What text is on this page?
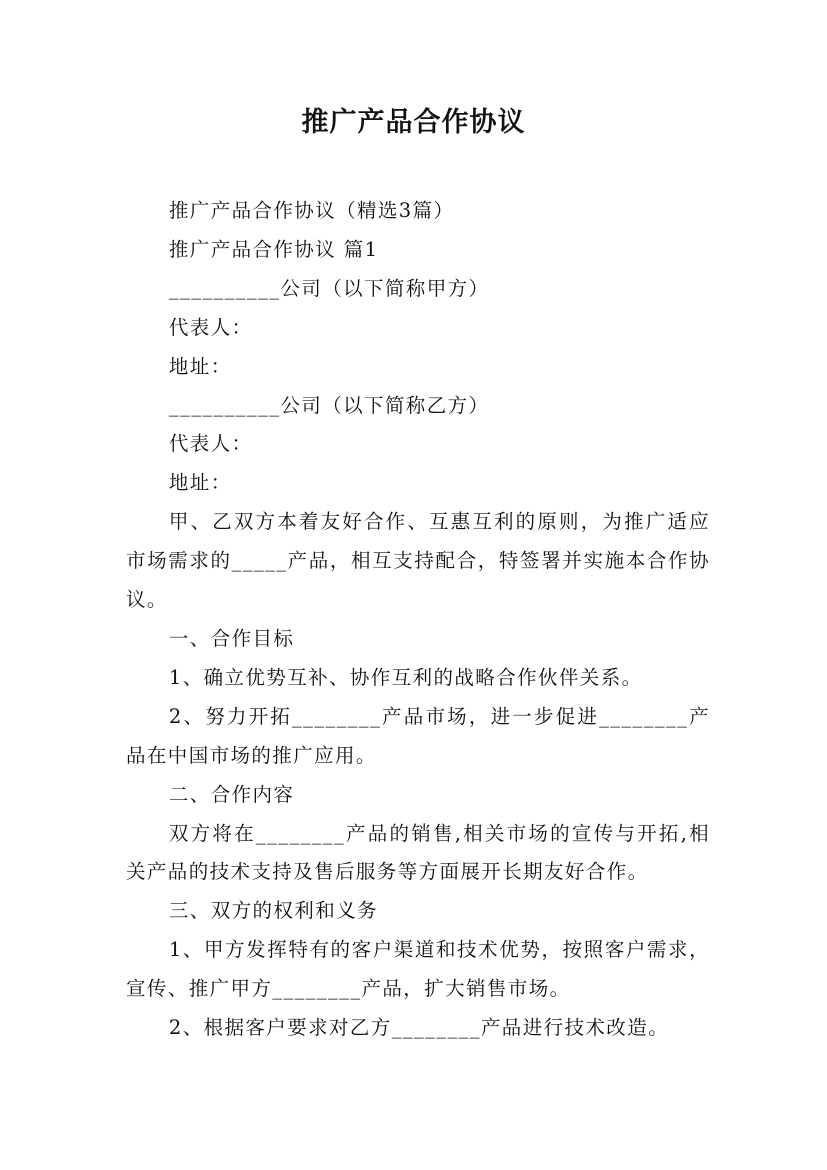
推广产品合作协议

推广产品合作协议（精选3篇）

推广产品合作协议 篇1

__________公司（以下简称甲方）

代表人：

地址：

__________公司（以下简称乙方）

代表人：

地址：

甲、乙双方本着友好合作、互惠互利的原则，为推广适应市场需求的_____产品，相互支持配合，特签署并实施本合作协议。

一、合作目标

1、确立优势互补、协作互利的战略合作伙伴关系。

2、努力开拓________产品市场，进一步促进________产品在中国市场的推广应用。

二、合作内容

双方将在________产品的销售,相关市场的宣传与开拓,相关产品的技术支持及售后服务等方面展开长期友好合作。

三、双方的权利和义务

1、甲方发挥特有的客户渠道和技术优势，按照客户需求，宣传、推广甲方________产品，扩大销售市场。

2、根据客户要求对乙方________产品进行技术改造。
